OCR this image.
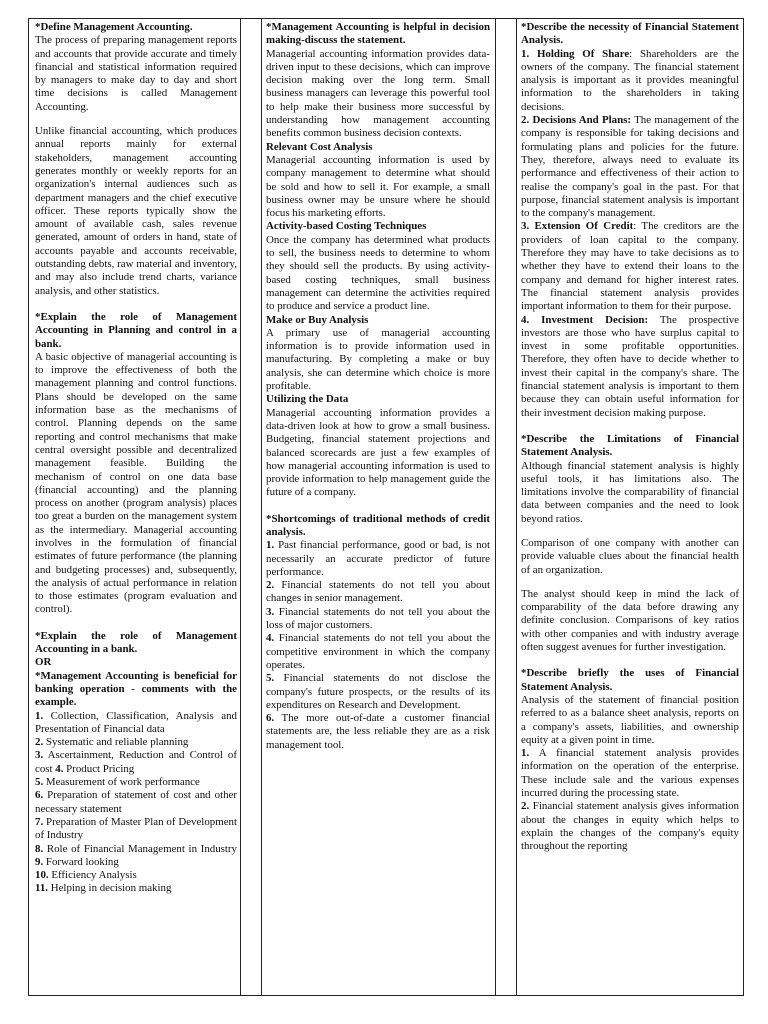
*Define Management Accounting.

The process of preparing management reports and accounts that provide accurate and timely financial and statistical information required by managers to make day to day and short time decisions is called Management Accounting.

Unlike financial accounting, which produces annual reports mainly for external stakeholders, management accounting generates monthly or weekly reports for an organization's internal audiences such as department managers and the chief executive officer. These reports typically show the amount of available cash, sales revenue generated, amount of orders in hand, state of accounts payable and accounts receivable, outstanding debts, raw material and inventory, and may also include trend charts, variance analysis, and other statistics.

*Explain the role of Management Accounting in Planning and control in a bank.

A basic objective of managerial accounting is to improve the effectiveness of both the management planning and control functions. Plans should be developed on the same information base as the mechanisms of control. Planning depends on the same reporting and control mechanisms that make central oversight possible and decentralized management feasible. Building the mechanism of control on one data base (financial accounting) and the planning process on another (program analysis) places too great a burden on the management system as the intermediary. Managerial accounting involves in the formulation of financial estimates of future performance (the planning and budgeting processes) and, subsequently, the analysis of actual performance in relation to those estimates (program evaluation and control).

*Explain the role of Management Accounting in a bank.

OR

*Management Accounting is beneficial for banking operation - comments with the example.

1. Collection, Classification, Analysis and Presentation of Financial data

2. Systematic and reliable planning

3. Ascertainment, Reduction and Control of cost 4. Product Pricing

5. Measurement of work performance

6. Preparation of statement of cost and other necessary statement

7. Preparation of Master Plan of Development of Industry

8. Role of Financial Management in Industry 9. Forward looking

10. Efficiency Analysis

11. Helping in decision making

*Management Accounting is helpful in decision making-discuss the statement.

Managerial accounting information provides data-driven input to these decisions, which can improve decision making over the long term. Small business managers can leverage this powerful tool to help make their business more successful by understanding how management accounting benefits common business decision contexts.

Relevant Cost Analysis

Managerial accounting information is used by company management to determine what should be sold and how to sell it. For example, a small business owner may be unsure where he should focus his marketing efforts.

Activity-based Costing Techniques

Once the company has determined what products to sell, the business needs to determine to whom they should sell the products. By using activity-based costing techniques, small business management can determine the activities required to produce and service a product line.

Make or Buy Analysis

A primary use of managerial accounting information is to provide information used in manufacturing. By completing a make or buy analysis, she can determine which choice is more profitable.

Utilizing the Data

Managerial accounting information provides a data-driven look at how to grow a small business. Budgeting, financial statement projections and balanced scorecards are just a few examples of how managerial accounting information is used to provide information to help management guide the future of a company.

*Shortcomings of traditional methods of credit analysis.

1. Past financial performance, good or bad, is not necessarily an accurate predictor of future performance.

2. Financial statements do not tell you about changes in senior management.

3. Financial statements do not tell you about the loss of major customers.

4. Financial statements do not tell you about the competitive environment in which the company operates.

5. Financial statements do not disclose the company's future prospects, or the results of its expenditures on Research and Development.

6. The more out-of-date a customer financial statements are, the less reliable they are as a risk management tool.

*Describe the necessity of Financial Statement Analysis.

1. Holding Of Share: Shareholders are the owners of the company. The financial statement analysis is important as it provides meaningful information to the shareholders in taking decisions.

2. Decisions And Plans: The management of the company is responsible for taking decisions and formulating plans and policies for the future. They, therefore, always need to evaluate its performance and effectiveness of their action to realise the company's goal in the past. For that purpose, financial statement analysis is important to the company's management.

3. Extension Of Credit: The creditors are the providers of loan capital to the company. Therefore they may have to take decisions as to whether they have to extend their loans to the company and demand for higher interest rates. The financial statement analysis provides important information to them for their purpose.

4. Investment Decision: The prospective investors are those who have surplus capital to invest in some profitable opportunities. Therefore, they often have to decide whether to invest their capital in the company's share. The financial statement analysis is important to them because they can obtain useful information for their investment decision making purpose.

*Describe the Limitations of Financial Statement Analysis.

Although financial statement analysis is highly useful tools, it has limitations also. The limitations involve the comparability of financial data between companies and the need to look beyond ratios.

Comparison of one company with another can provide valuable clues about the financial health of an organization.

The analyst should keep in mind the lack of comparability of the data before drawing any definite conclusion. Comparisons of key ratios with other companies and with industry average often suggest avenues for further investigation.

*Describe briefly the uses of Financial Statement Analysis.

Analysis of the statement of financial position referred to as a balance sheet analysis, reports on a company's assets, liabilities, and ownership equity at a given point in time.

1. A financial statement analysis provides information on the operation of the enterprise. These include sale and the various expenses incurred during the processing state.

2. Financial statement analysis gives information about the changes in equity which helps to explain the changes of the company's equity throughout the reporting
